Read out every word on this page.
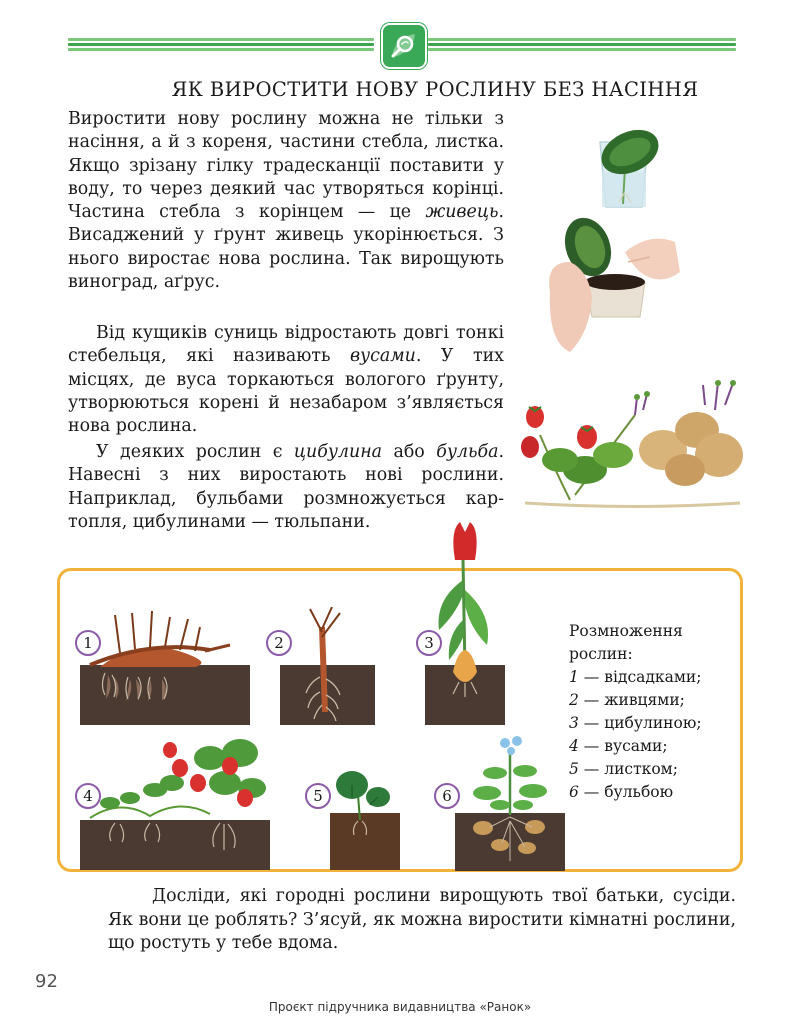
ЯК ВИРОСТИТИ НОВУ РОСЛИНУ БЕЗ НАСІННЯ

Виростити нову рослину можна не тільки з насіння, а й з кореня, частини стебла, листка. Якщо зрізану гілку традесканції поставити у воду, то через деякий час утворяться корінці. Частина стебла з корінцем — це живець. Висаджений у ґрунт живець укорінюється. З нього виростає нова рослина. Так вирощують виноград, аґрус.

Від кущиків суниць відростають довгі тонкі стебельця, які називають вусами. У тих місцях, де вуса торкаються вологого ґрунту, утворюються корені й незабаром з’являється нова рослина.

У деяких рослин є цибулина або бульба. Навесні з них виростають нові рослини. Наприклад, бульбами розмножується картопля, цибулинами — тюльпани.

1	2	3
4	5	6
Розмноження рослин:
1 — відсадками;
2 — живцями;
3 — цибулиною;
4 — вусами;
5 — листком;
6 — бульбою

Досліди, які городні рослини вирощують твої батьки, сусіди. Як вони це роблять? З’ясуй, як можна виростити кімнатні рослини, що ростуть у тебе вдома.

92
Проєкт підручника видавництва «Ранок»
